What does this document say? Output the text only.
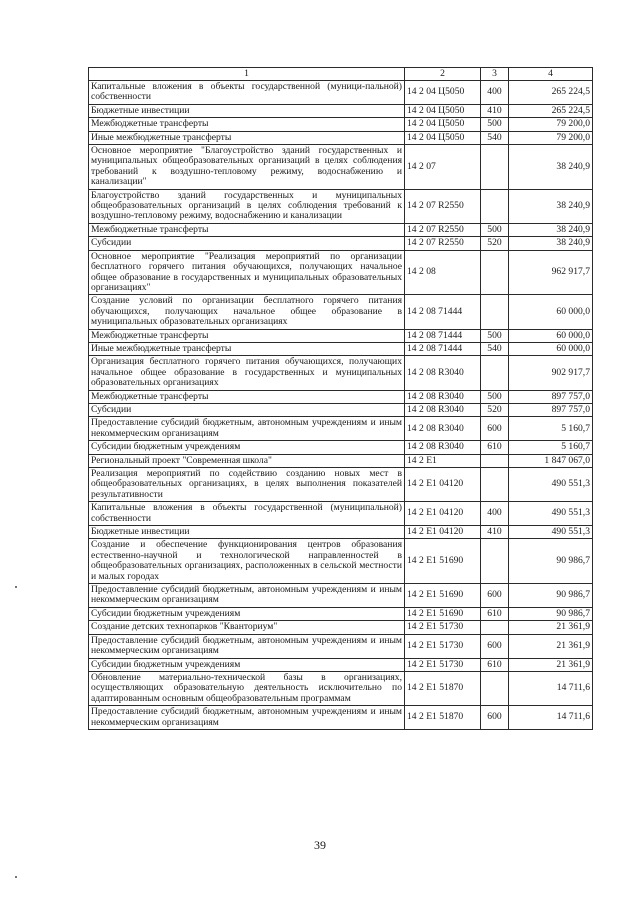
1	2	3	4
Капитальные вложения в объекты государственной (муници-пальной) собственности	14 2 04 Ц5050	400	265 224,5
Бюджетные инвестиции	14 2 04 Ц5050	410	265 224,5
Межбюджетные трансферты	14 2 04 Ц5050	500	79 200,0
Иные межбюджетные трансферты	14 2 04 Ц5050	540	79 200,0
Основное мероприятие "Благоустройство зданий государственных и муниципальных общеобразовательных организаций в целях соблюдения требований к воздушно-тепловому режиму, водоснабжению и канализации"	14 2 07		38 240,9
Благоустройство зданий государственных и муниципальных общеобразовательных организаций в целях соблюдения требований к воздушно-тепловому режиму, водоснабжению и канализации	14 2 07 R2550		38 240,9
Межбюджетные трансферты	14 2 07 R2550	500	38 240,9
Субсидии	14 2 07 R2550	520	38 240,9
Основное мероприятие "Реализация мероприятий по организации бесплатного горячего питания обучающихся, получающих начальное общее образование в государственных и муниципальных образовательных организациях"	14 2 08		962 917,7
Создание условий по организации бесплатного горячего питания обучающихся, получающих начальное общее образование в муниципальных образовательных организациях	14 2 08 71444		60 000,0
Межбюджетные трансферты	14 2 08 71444	500	60 000,0
Иные межбюджетные трансферты	14 2 08 71444	540	60 000,0
Организация бесплатного горячего питания обучающихся, получающих начальное общее образование в государственных и муниципальных образовательных организациях	14 2 08 R3040		902 917,7
Межбюджетные трансферты	14 2 08 R3040	500	897 757,0
Субсидии	14 2 08 R3040	520	897 757,0
Предоставление субсидий бюджетным, автономным учреждениям и иным некоммерческим организациям	14 2 08 R3040	600	5 160,7
Субсидии бюджетным учреждениям	14 2 08 R3040	610	5 160,7
Региональный проект "Современная школа"	14 2 E1		1 847 067,0
Реализация мероприятий по содействию созданию новых мест в общеобразовательных организациях, в целях выполнения показателей результативности	14 2 E1 04120		490 551,3
Капитальные вложения в объекты государственной (муниципальной) собственности	14 2 E1 04120	400	490 551,3
Бюджетные инвестиции	14 2 E1 04120	410	490 551,3
Создание и обеспечение функционирования центров образования естественно-научной и технологической направленностей в общеобразовательных организациях, расположенных в сельской местности и малых городах	14 2 E1 51690		90 986,7
Предоставление субсидий бюджетным, автономным учреждениям и иным некоммерческим организациям	14 2 E1 51690	600	90 986,7
Субсидии бюджетным учреждениям	14 2 E1 51690	610	90 986,7
Создание детских технопарков "Кванториум"	14 2 E1 51730		21 361,9
Предоставление субсидий бюджетным, автономным учреждениям и иным некоммерческим организациям	14 2 E1 51730	600	21 361,9
Субсидии бюджетным учреждениям	14 2 E1 51730	610	21 361,9
Обновление материально-технической базы в организациях, осуществляющих образовательную деятельность исключительно по адаптированным основным общеобразовательным программам	14 2 E1 51870		14 711,6
Предоставление субсидий бюджетным, автономным учреждениям и иным некоммерческим организациям	14 2 E1 51870	600	14 711,6
39
